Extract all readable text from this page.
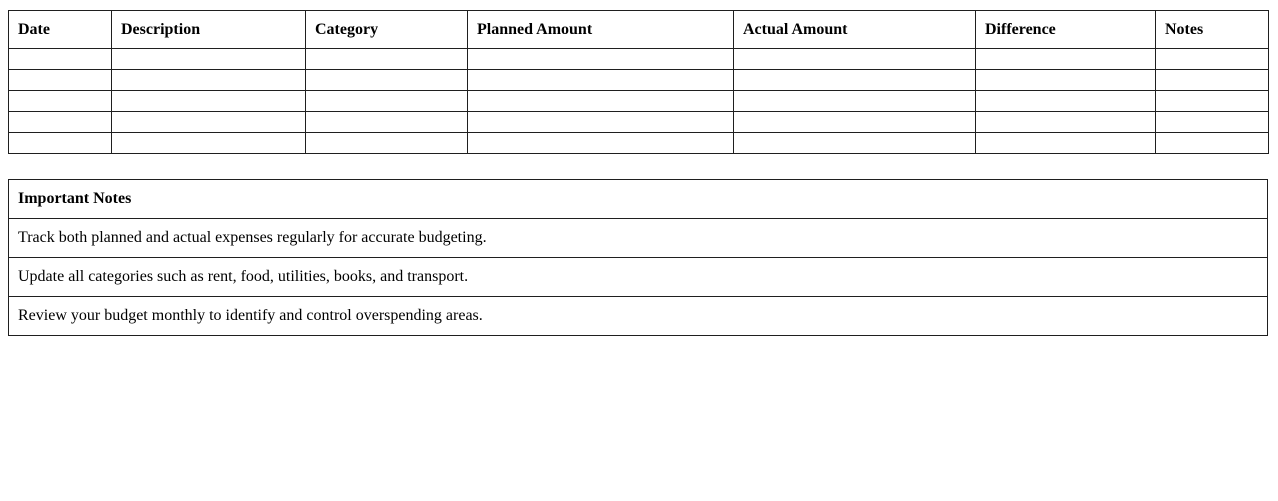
Date	Description	Category	Planned Amount	Actual Amount	Difference	Notes

Important Notes
Track both planned and actual expenses regularly for accurate budgeting.
Update all categories such as rent, food, utilities, books, and transport.
Review your budget monthly to identify and control overspending areas.
